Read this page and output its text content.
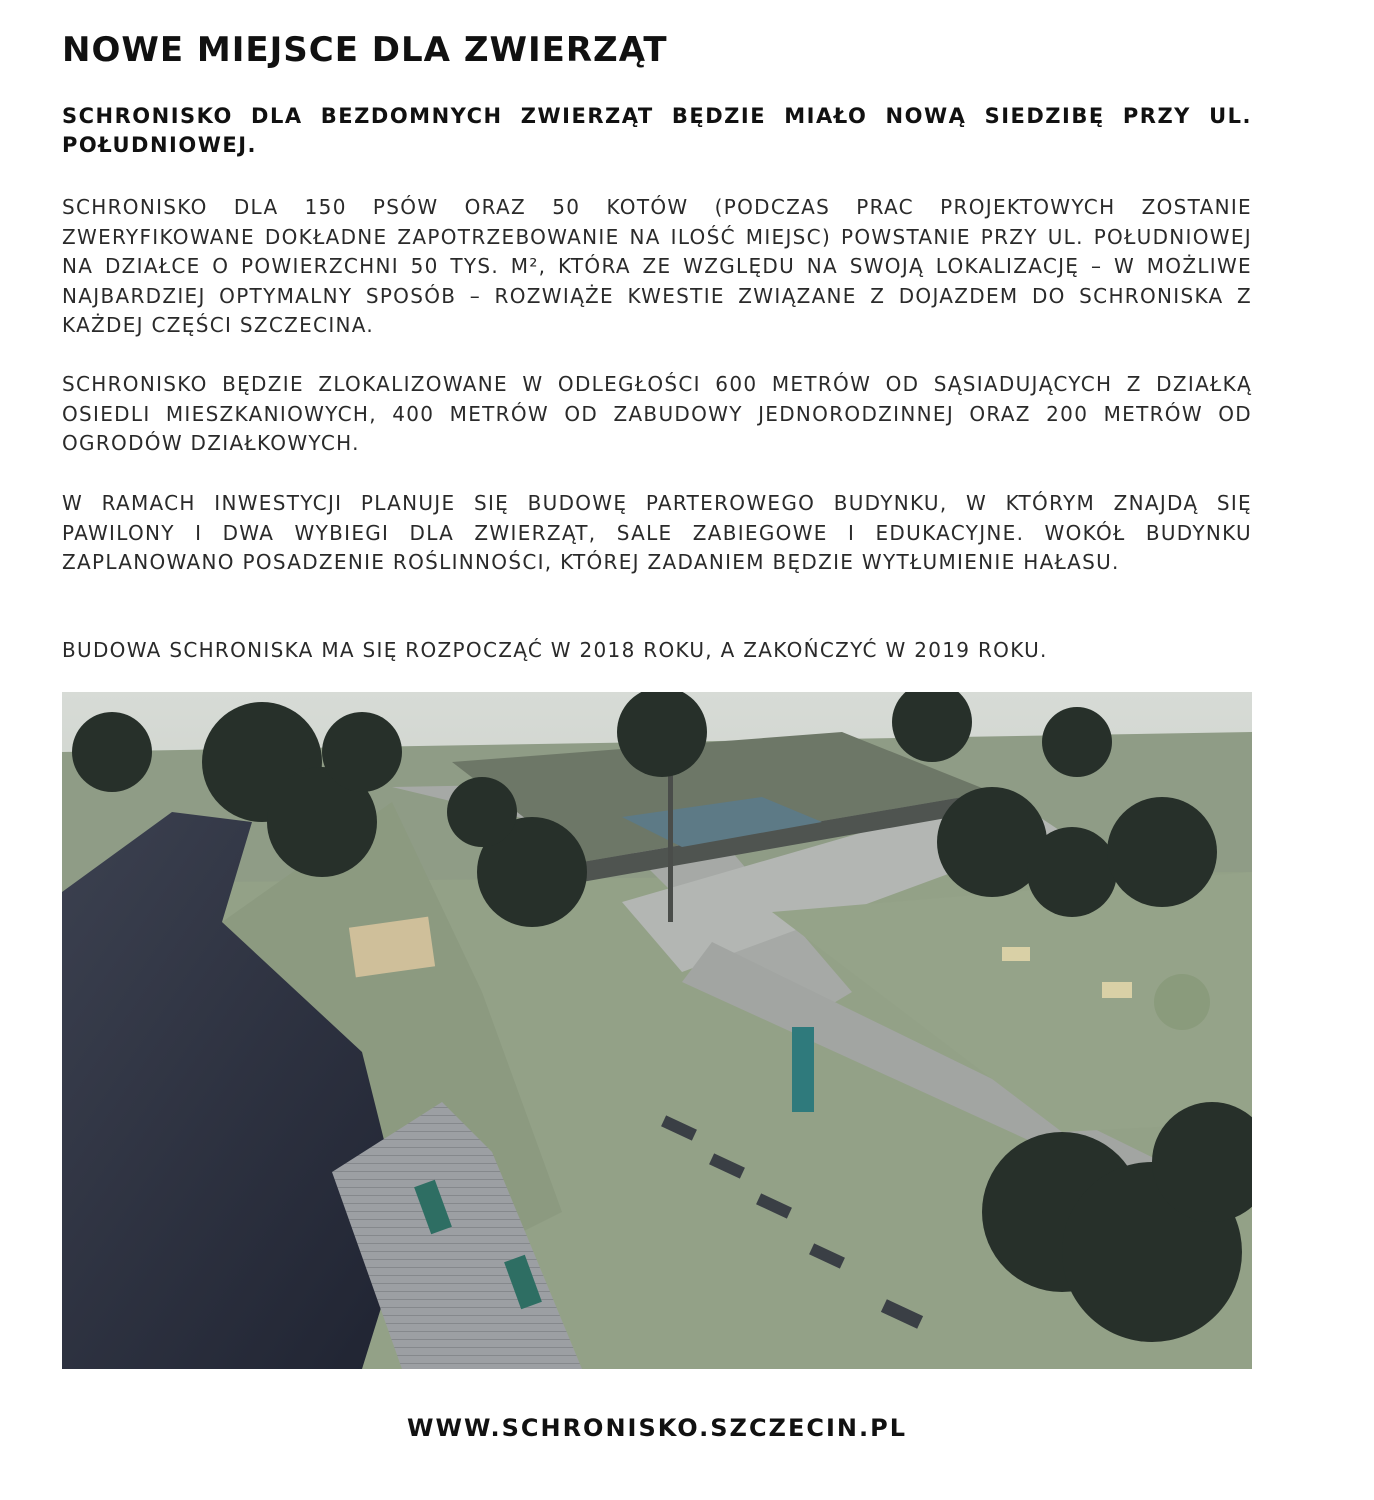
NOWE MIEJSCE DLA ZWIERZĄT

SCHRONISKO DLA BEZDOMNYCH ZWIERZĄT BĘDZIE MIAŁO NOWĄ SIEDZIBĘ PRZY UL. POŁUDNIOWEJ.

SCHRONISKO DLA 150 PSÓW ORAZ 50 KOTÓW (PODCZAS PRAC PROJEKTOWYCH ZOSTANIE ZWERYFIKOWANE DOKŁADNE ZAPOTRZEBOWANIE NA ILOŚĆ MIEJSC) POWSTANIE PRZY UL. POŁUDNIOWEJ NA DZIAŁCE O POWIERZCHNI 50 TYS. M², KTÓRA ZE WZGLĘDU NA SWOJĄ LOKALIZACJĘ – W MOŻLIWE NAJBARDZIEJ OPTYMALNY SPOSÓB – ROZWIĄŻE KWESTIE ZWIĄZANE Z DOJAZDEM DO SCHRONISKA Z KAŻDEJ CZĘŚCI SZCZECINA.

SCHRONISKO BĘDZIE ZLOKALIZOWANE W ODLEGŁOŚCI 600 METRÓW OD SĄSIADUJĄCYCH Z DZIAŁKĄ OSIEDLI MIESZKANIOWYCH, 400 METRÓW OD ZABUDOWY JEDNORODZINNEJ ORAZ 200 METRÓW OD OGRODÓW DZIAŁKOWYCH.

W RAMACH INWESTYCJI PLANUJE SIĘ BUDOWĘ PARTEROWEGO BUDYNKU, W KTÓRYM ZNAJDĄ SIĘ PAWILONY I DWA WYBIEGI DLA ZWIERZĄT, SALE ZABIEGOWE I EDUKACYJNE. WOKÓŁ BUDYNKU ZAPLANOWANO POSADZENIE ROŚLINNOŚCI, KTÓREJ ZADANIEM BĘDZIE WYTŁUMIENIE HAŁASU.

BUDOWA SCHRONISKA MA SIĘ ROZPOCZĄĆ W 2018 ROKU, A ZAKOŃCZYĆ W 2019 ROKU.

WWW.SCHRONISKO.SZCZECIN.PL
